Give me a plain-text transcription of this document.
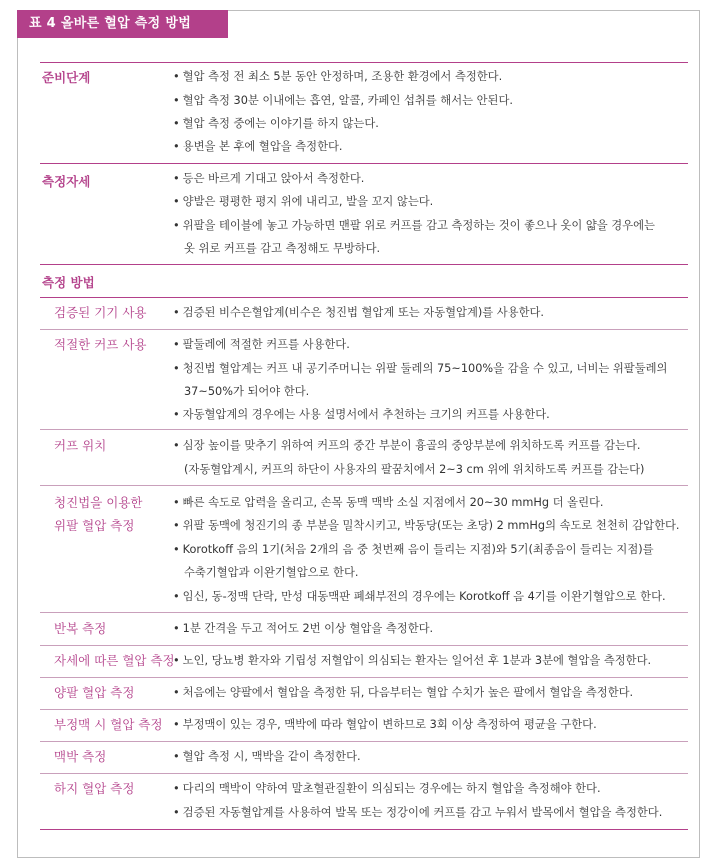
표 4 올바른 혈압 측정 방법
준비단계	• 혈압 측정 전 최소 5분 동안 안정하며, 조용한 환경에서 측정한다.
• 혈압 측정 30분 이내에는 흡연, 알콜, 카페인 섭취를 해서는 안된다.
• 혈압 측정 중에는 이야기를 하지 않는다.
• 용변을 본 후에 혈압을 측정한다.
측정자세	• 등은 바르게 기대고 앉아서 측정한다.
• 양발은 평평한 평지 위에 내리고, 발을 꼬지 않는다.
• 위팔을 테이블에 놓고 가능하면 맨팔 위로 커프를 감고 측정하는 것이 좋으나 옷이 얇을 경우에는
옷 위로 커프를 감고 측정해도 무방하다.
측정 방법
검증된 기기 사용 • 검증된 비수은혈압계(비수은 청진법 혈압계 또는 자동혈압계)를 사용한다.
적절한 커프 사용 • 팔둘레에 적절한 커프를 사용한다.
• 청진법 혈압계는 커프 내 공기주머니는 위팔 둘레의 75~100%을 감을 수 있고, 너비는 위팔둘레의
37~50%가 되어야 한다.
• 자동혈압계의 경우에는 사용 설명서에서 추천하는 크기의 커프를 사용한다.
커프 위치	• 심장 높이를 맞추기 위하여 커프의 중간 부분이 흉골의 중앙부분에 위치하도록 커프를 감는다.
(자동혈압계시, 커프의 하단이 사용자의 팔꿈치에서 2~3 cm 위에 위치하도록 커프를 감는다)
청진법을 이용한
위팔 혈압 측정
• 빠른 속도로 압력을 올리고, 손목 동맥 맥박 소실 지점에서 20~30 mmHg 더 올린다.
• 위팔 동맥에 청진기의 종 부분을 밀착시키고, 박동당(또는 초당) 2 mmHg의 속도로 천천히 감압한다.
• Korotkoff 음의 1기(처음 2개의 음 중 첫번째 음이 들리는 지점)와 5기(최종음이 들리는 지점)를
수축기혈압과 이완기혈압으로 한다.
• 임신, 동-정맥 단락, 만성 대동맥판 폐쇄부전의 경우에는 Korotkoff 음 4기를 이완기혈압으로 한다.
반복 측정	• 1분 간격을 두고 적어도 2번 이상 혈압을 측정한다.
자세에 따른 혈압 측정
• 노인, 당뇨병 환자와 기립성 저혈압이 의심되는 환자는 일어선 후 1분과 3분에 혈압을 측정한다.
양팔 혈압 측정	• 처음에는 양팔에서 혈압을 측정한 뒤, 다음부터는 혈압 수치가 높은 팔에서 혈압을 측정한다.
부정맥 시 혈압 측정 • 부정맥이 있는 경우, 맥박에 따라 혈압이 변하므로 3회 이상 측정하여 평균을 구한다.
맥박 측정	• 혈압 측정 시, 맥박을 같이 측정한다.
하지 혈압 측정	• 다리의 맥박이 약하여 말초혈관질환이 의심되는 경우에는 하지 혈압을 측정해야 한다.
• 검증된 자동혈압계를 사용하여 발목 또는 정강이에 커프를 감고 누워서 발목에서 혈압을 측정한다.
